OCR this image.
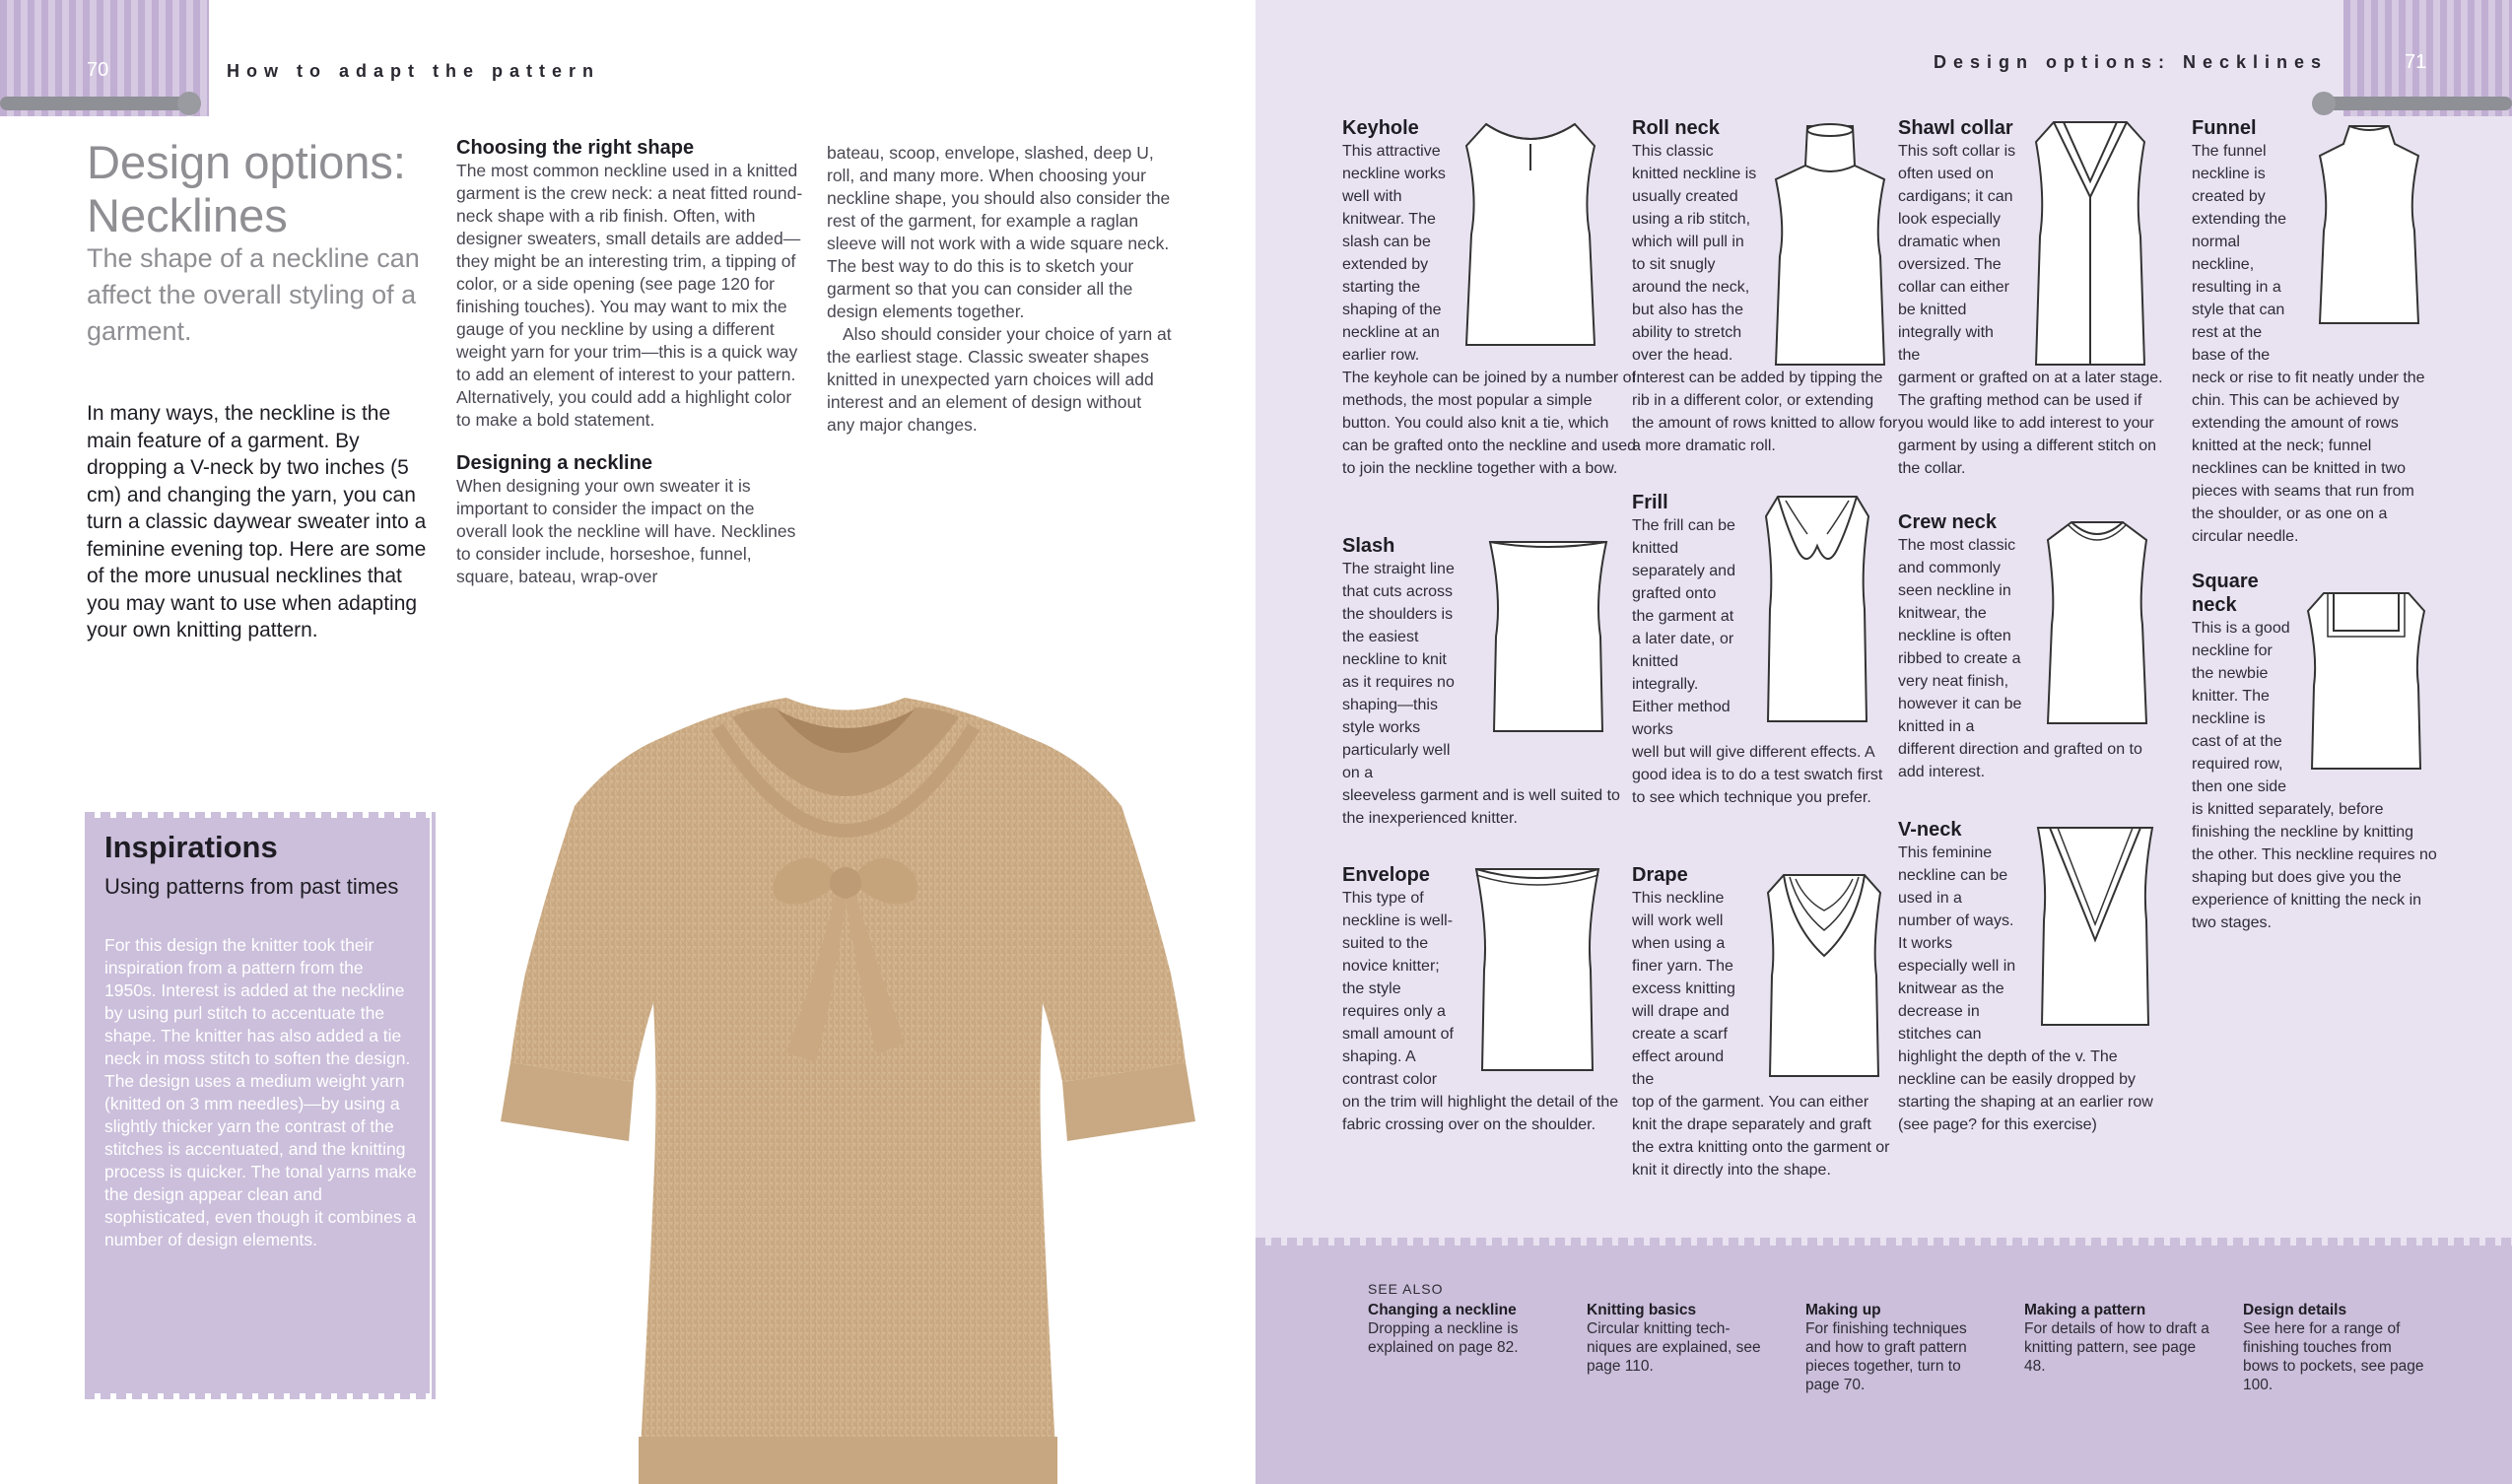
70	How to adapt the pattern
Design options:
Necklines
The shape of a neckline can affect the overall styling of a garment.
In many ways, the neckline is the main feature of a garment. By dropping a V-neck by two inches (5 cm) and changing the yarn, you can turn a classic daywear sweater into a feminine evening top. Here are some of the more unusual necklines that you may want to use when adapting your own knitting pattern.
Choosing the right shape

The most common neckline used in a knitted garment is the crew neck: a neat fitted round-neck shape with a rib finish. Often, with designer sweaters, small details are added—they might be an interesting trim, a tipping of color, or a side opening (see page 120 for finishing touches). You may want to mix the gauge of you neckline by using a different weight yarn for your trim—this is a quick way to add an element of interest to your pattern. Alternatively, you could add a highlight color to make a bold statement.

Designing a neckline

When designing your own sweater it is important to consider the impact on the overall look the neckline will have. Necklines to consider include, horseshoe, funnel, square, bateau, wrap-over

bateau, scoop, envelope, slashed, deep U, roll, and many more. When choosing your neckline shape, you should also consider the rest of the garment, for example a raglan sleeve will not work with a wide square neck. The best way to do this is to sketch your garment so that you can consider all the design elements together.

Also should consider your choice of yarn at the earliest stage. Classic sweater shapes knitted in unexpected yarn choices will add interest and an element of design without any major changes.

Inspirations
Using patterns from past times
For this design the knitter took their inspiration from a pattern from the 1950s. Interest is added at the neckline by using purl stitch to accentuate the shape. The knitter has also added a tie neck in moss stitch to soften the design. The design uses a medium weight yarn (knitted on 3 mm needles)—by using a slightly thicker yarn the contrast of the stitches is accentuated, and the knitting process is quicker. The tonal yarns make the design appear clean and sophisticated, even though it combines a number of design elements.
71
Design options: Necklines
Keyhole

This attractive neckline works well with knitwear. The slash can be extended by starting the shaping of the neckline at an earlier row.

The keyhole can be joined by a number of methods, the most popular a simple button. You could also knit a tie, which can be grafted onto the neckline and used to join the neckline together with a bow.

Roll neck

This classic knitted neckline is usually created using a rib stitch, which will pull in to sit snugly around the neck, but also has the ability to stretch over the head.

Interest can be added by tipping the rib in a different color, or extending the amount of rows knitted to allow for a more dramatic roll.

Shawl collar

This soft collar is often used on cardigans; it can look especially dramatic when oversized. The collar can either be knitted integrally with the

garment or grafted on at a later stage. The grafting method can be used if you would like to add interest to your garment by using a different stitch on the collar.

Funnel

The funnel neckline is created by extending the normal neckline, resulting in a style that can rest at the base of the

neck or rise to fit neatly under the chin. This can be achieved by extending the amount of rows knitted at the neck; funnel necklines can be knitted in two pieces with seams that run from the shoulder, or as one on a circular needle.

Slash

The straight line that cuts across the shoulders is the easiest neckline to knit as it requires no shaping—this style works particularly well on a

sleeveless garment and is well suited to the inexperienced knitter.

Frill

The frill can be knitted separately and grafted onto the garment at a later date, or knitted integrally. Either method works

well but will give different effects. A good idea is to do a test swatch first to see which technique you prefer.

Crew neck

The most classic and commonly seen neckline in knitwear, the neckline is often ribbed to create a very neat finish, however it can be knitted in a

different direction and grafted on to add interest.

Square neck

This is a good neckline for the newbie knitter. The neckline is cast of at the required row, then one side

is knitted separately, before finishing the neckline by knitting the other. This neckline requires no shaping but does give you the experience of knitting the neck in two stages.

V-neck

This feminine neckline can be used in a number of ways. It works especially well in knitwear as the decrease in stitches can

highlight the depth of the v. The neckline can be easily dropped by starting the shaping at an earlier row (see page? for this exercise)

Envelope

This type of neckline is well-suited to the novice knitter; the style requires only a small amount of shaping. A contrast color

on the trim will highlight the detail of the fabric crossing over on the shoulder.

Drape

This neckline will work well when using a finer yarn. The excess knitting will drape and create a scarf effect around the

top of the garment. You can either knit the drape separately and graft the extra knitting onto the garment or knit it directly into the shape.

SEE ALSO
Changing a neckline
Dropping a neckline is explained on page 82.
Knitting basics
Circular knitting tech-niques are explained, see page 110.
Making up
For finishing techniques and how to graft pattern pieces together, turn to page 70.
Making a pattern
For details of how to draft a knitting pattern, see page 48.
Design details
See here for a range of finishing touches from bows to pockets, see page 100.
